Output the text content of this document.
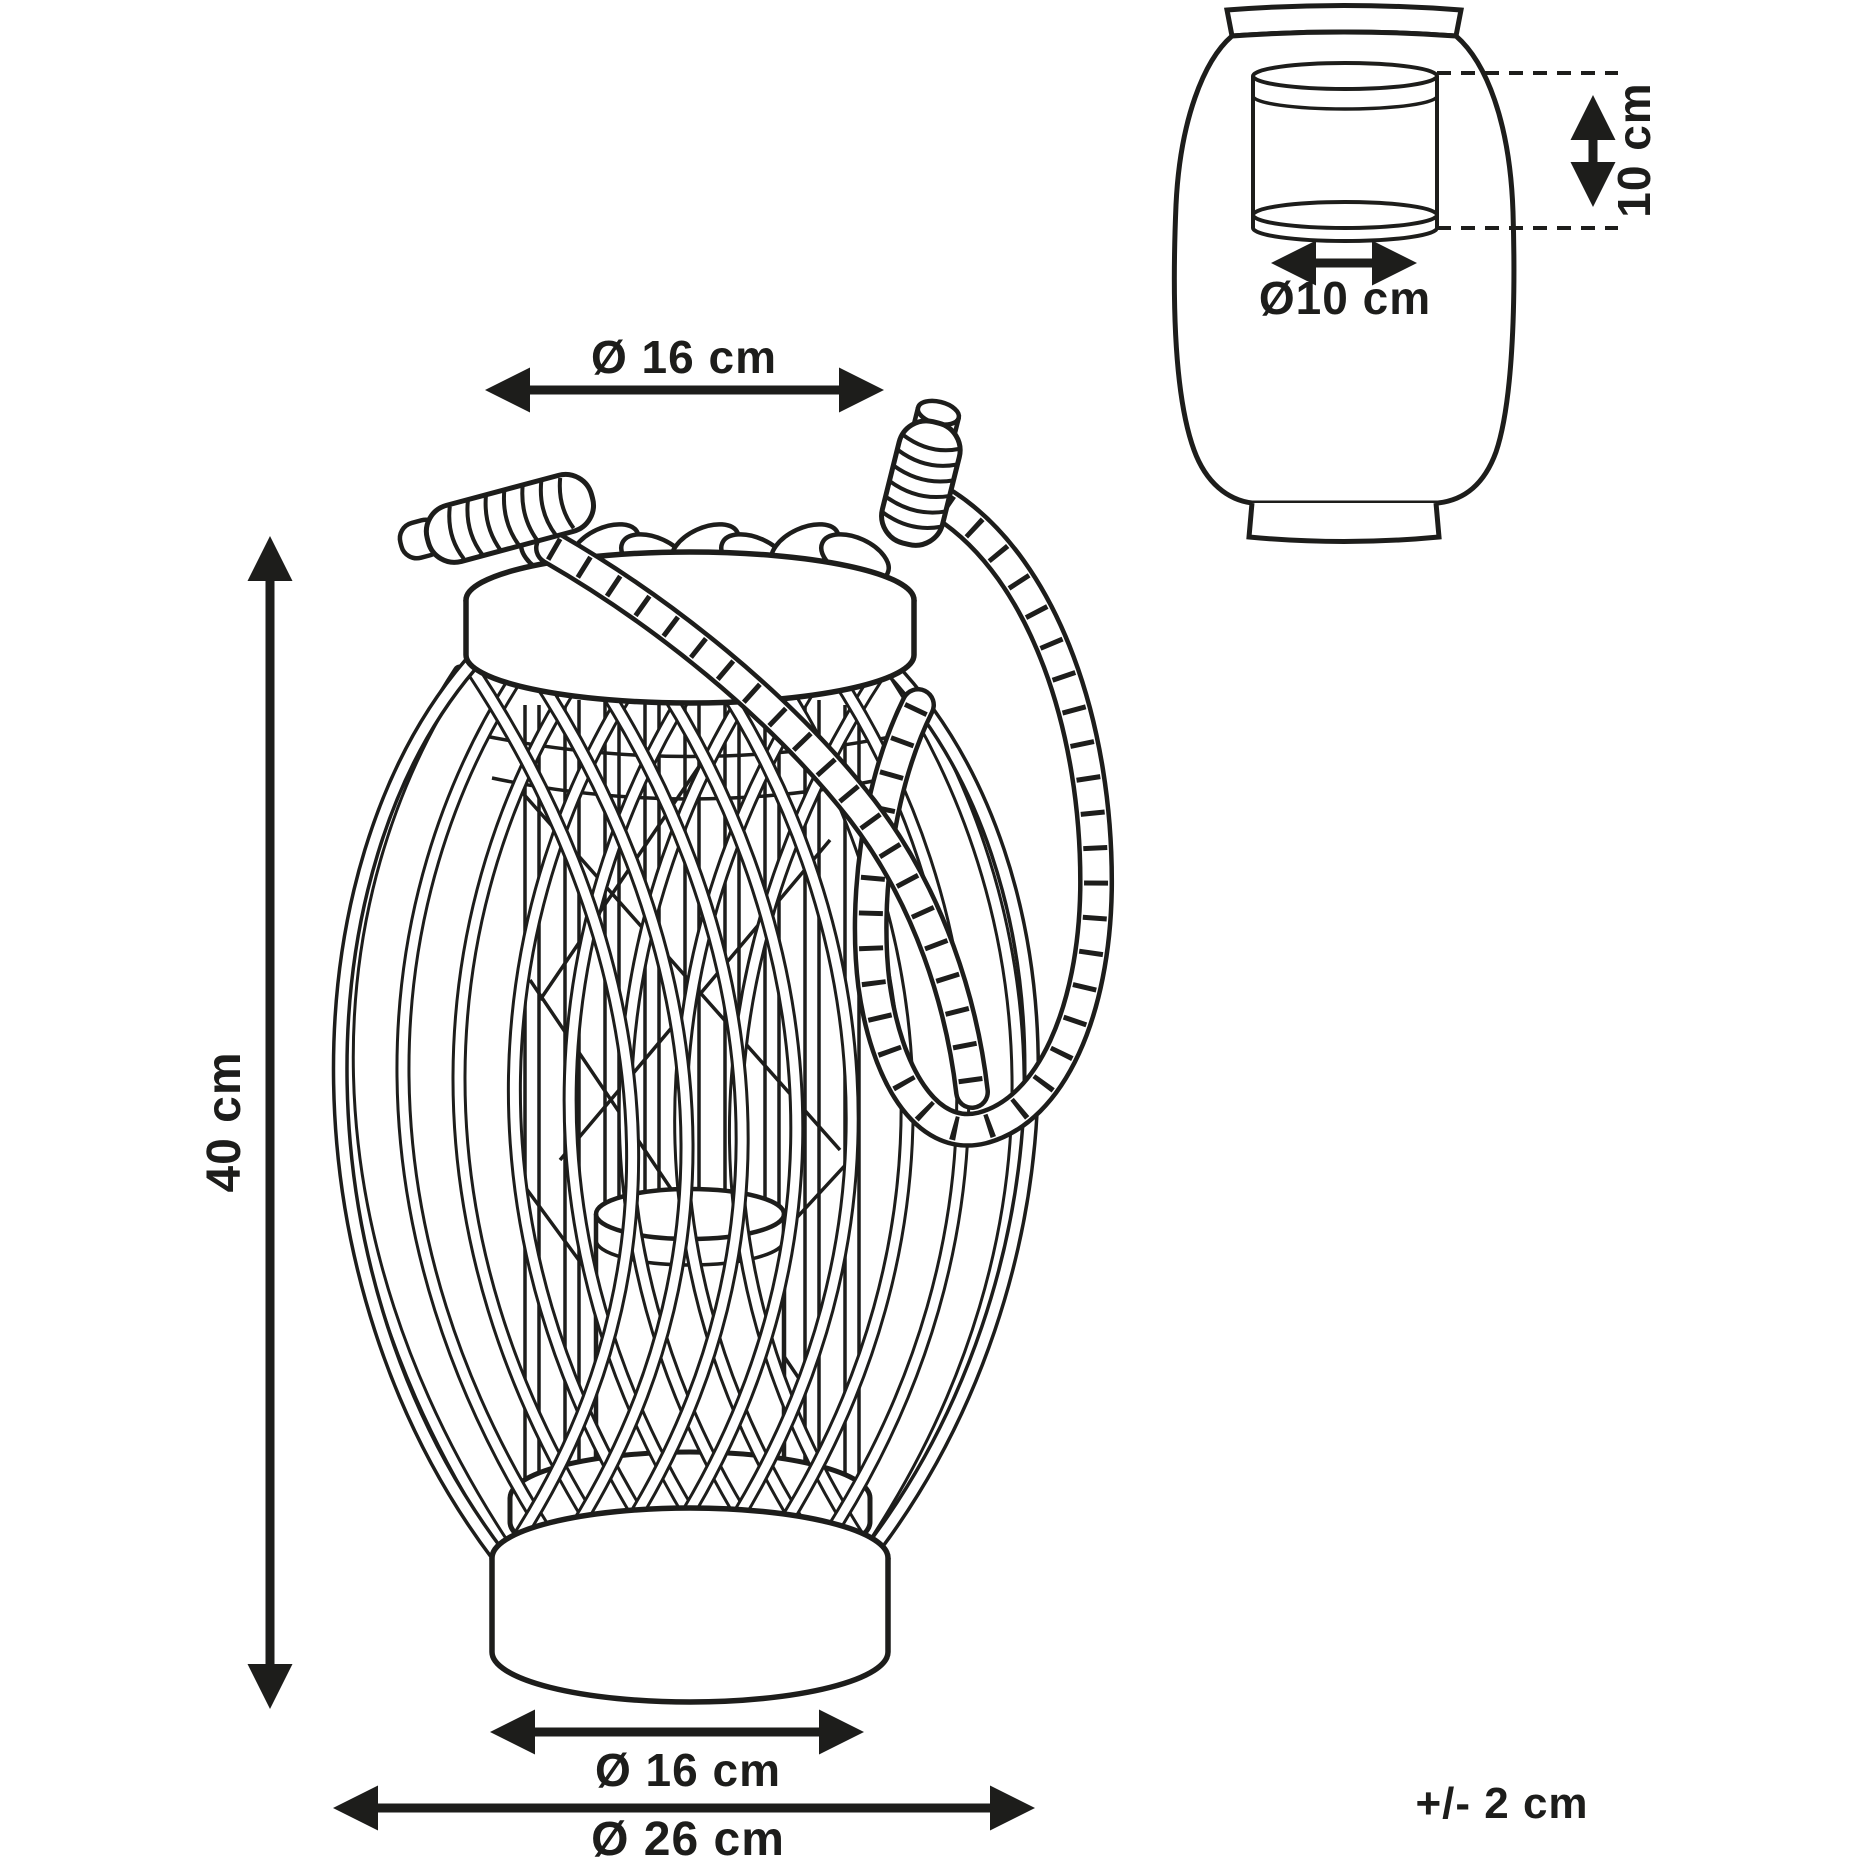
Ø 16 cm
40 cm
Ø 16 cm
Ø 26 cm
10 cm
Ø10 cm
+/- 2 cm
